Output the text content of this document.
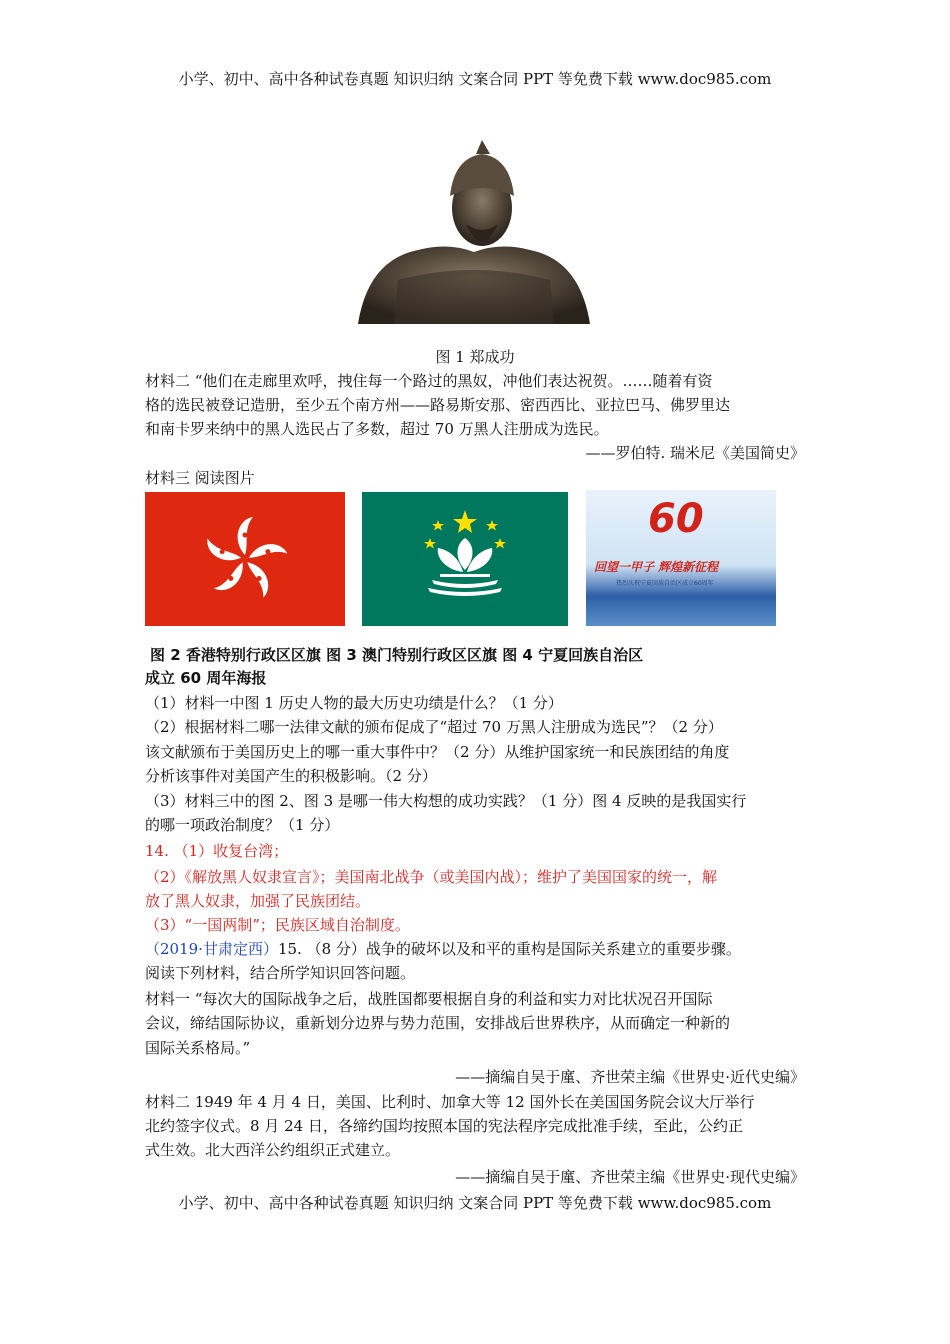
小学、初中、高中各种试卷真题 知识归纳 文案合同 PPT 等免费下载 www.doc985.com
图 1 郑成功
材料二 “他们在走廊里欢呼，拽住每一个路过的黑奴，冲他们表达祝贺。……随着有资
格的选民被登记造册，至少五个南方州——路易斯安那、密西西比、亚拉巴马、佛罗里达
和南卡罗来纳中的黑人选民占了多数，超过 70 万黑人注册成为选民。
——罗伯特. 瑞米尼《美国简史》
材料三 阅读图片
60
回望一甲子 辉煌新征程
热烈庆祝宁夏回族自治区成立60周年
图 2 香港特别行政区区旗 图 3 澳门特别行政区区旗 图 4 宁夏回族自治区
成立 60 周年海报
（1）材料一中图 1 历史人物的最大历史功绩是什么？（1 分）
（2）根据材料二哪一法律文献的颁布促成了“超过 70 万黑人注册成为选民”？（2 分）
该文献颁布于美国历史上的哪一重大事件中？（2 分）从维护国家统一和民族团结的角度
分析该事件对美国产生的积极影响。（2 分）
（3）材料三中的图 2、图 3 是哪一伟大构想的成功实践？（1 分）图 4 反映的是我国实行
的哪一项政治制度？（1 分）
14. （1）收复台湾；
（2）《解放黑人奴隶宣言》；美国南北战争（或美国内战）；维护了美国国家的统一，解
放了黑人奴隶，加强了民族团结。
（3）“一国两制”；民族区域自治制度。
（2019·甘肃定西）15. （8 分）战争的破坏以及和平的重构是国际关系建立的重要步骤。
阅读下列材料，结合所学知识回答问题。
材料一 “每次大的国际战争之后，战胜国都要根据自身的利益和实力对比状况召开国际
会议，缔结国际协议，重新划分边界与势力范围，安排战后世界秩序，从而确定一种新的
国际关系格局。”
——摘编自吴于廑、齐世荣主编《世界史·近代史编》
材料二 1949 年 4 月 4 日，美国、比利时、加拿大等 12 国外长在美国国务院会议大厅举行
北约签字仪式。8 月 24 日，各缔约国均按照本国的宪法程序完成批准手续，至此，公约正
式生效。北大西洋公约组织正式建立。
——摘编自吴于廑、齐世荣主编《世界史·现代史编》
小学、初中、高中各种试卷真题 知识归纳 文案合同 PPT 等免费下载 www.doc985.com
